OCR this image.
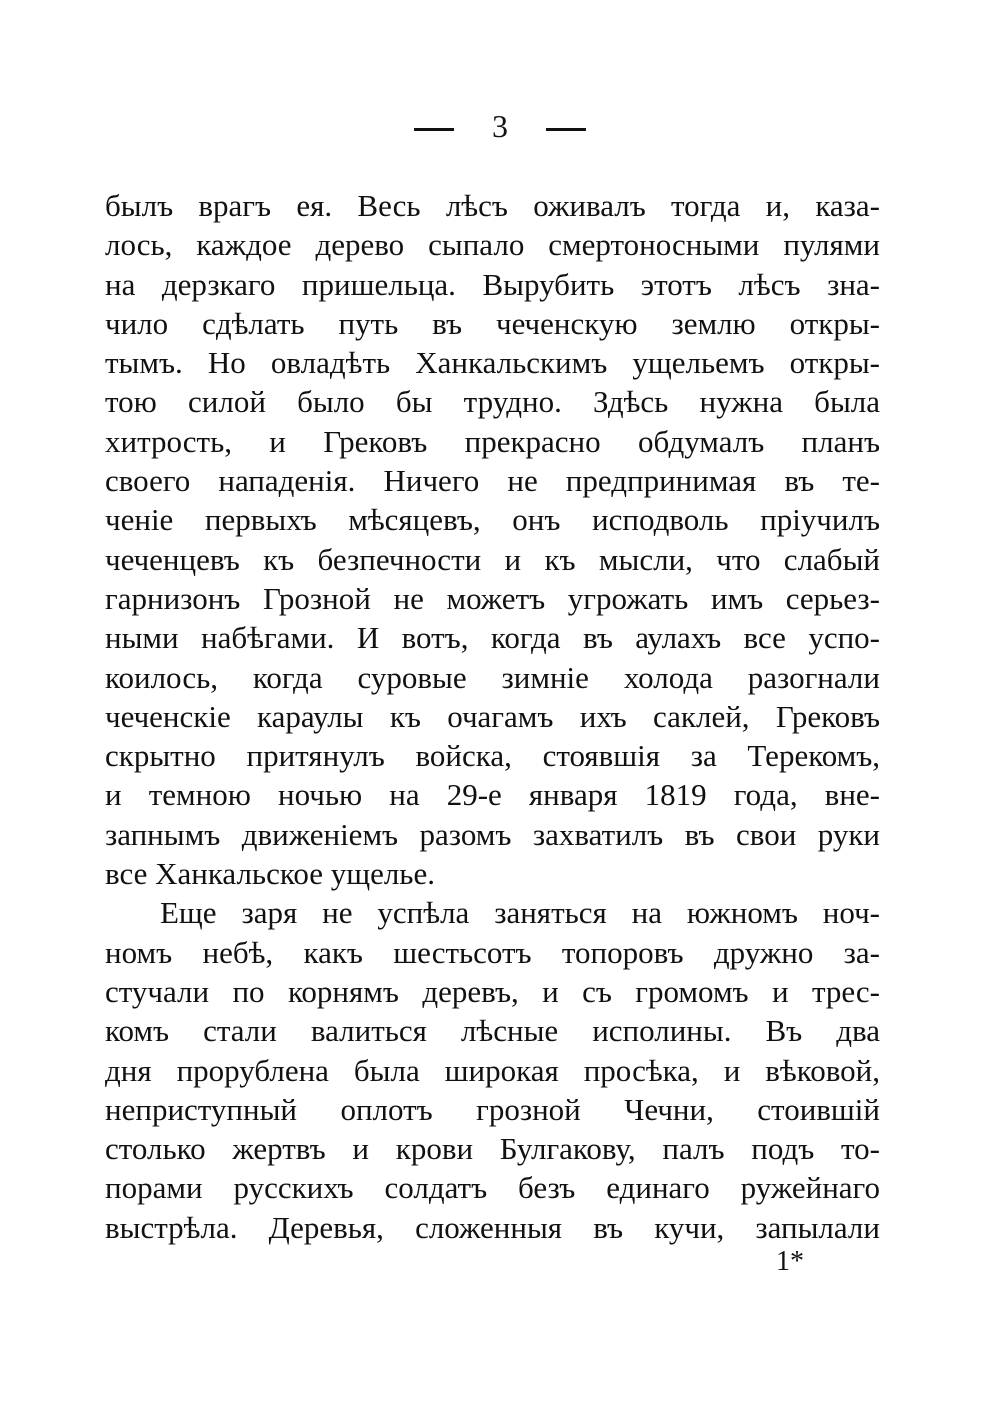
3
былъ врагъ ея. Весь лѣсъ оживалъ тогда и, каза-
лось, каждое дерево сыпало смертоносными пулями
на дерзкаго пришельца. Вырубить этотъ лѣсъ зна-
чило сдѣлать путь въ чеченскую землю откры-
тымъ. Но овладѣть Ханкальскимъ ущельемъ откры-
тою силой было бы трудно. Здѣсь нужна была
хитрость, и Грековъ прекрасно обдумалъ планъ
своего нападенія. Ничего не предпринимая въ те-
ченіе первыхъ мѣсяцевъ, онъ исподволь пріучилъ
чеченцевъ къ безпечности и къ мысли, что слабый
гарнизонъ Грозной не можетъ угрожать имъ серьез-
ными набѣгами. И вотъ, когда въ аулахъ все успо-
коилось, когда суровые зимніе холода разогнали
чеченскіе караулы къ очагамъ ихъ саклей, Грековъ
скрытно притянулъ войска, стоявшія за Терекомъ,
и темною ночью на 29-е января 1819 года, вне-
запнымъ движеніемъ разомъ захватилъ въ свои руки
все Ханкальское ущелье.
Еще заря не успѣла заняться на южномъ ноч-
номъ небѣ, какъ шестьсотъ топоровъ дружно за-
стучали по корнямъ деревъ, и съ громомъ и трес-
комъ стали валиться лѣсные исполины. Въ два
дня прорублена была широкая просѣка, и вѣковой,
неприступный оплотъ грозной Чечни, стоившій
столько жертвъ и крови Булгакову, палъ подъ то-
порами русскихъ солдатъ безъ единаго ружейнаго
выстрѣла. Деревья, сложенныя въ кучи, запылали
1*
